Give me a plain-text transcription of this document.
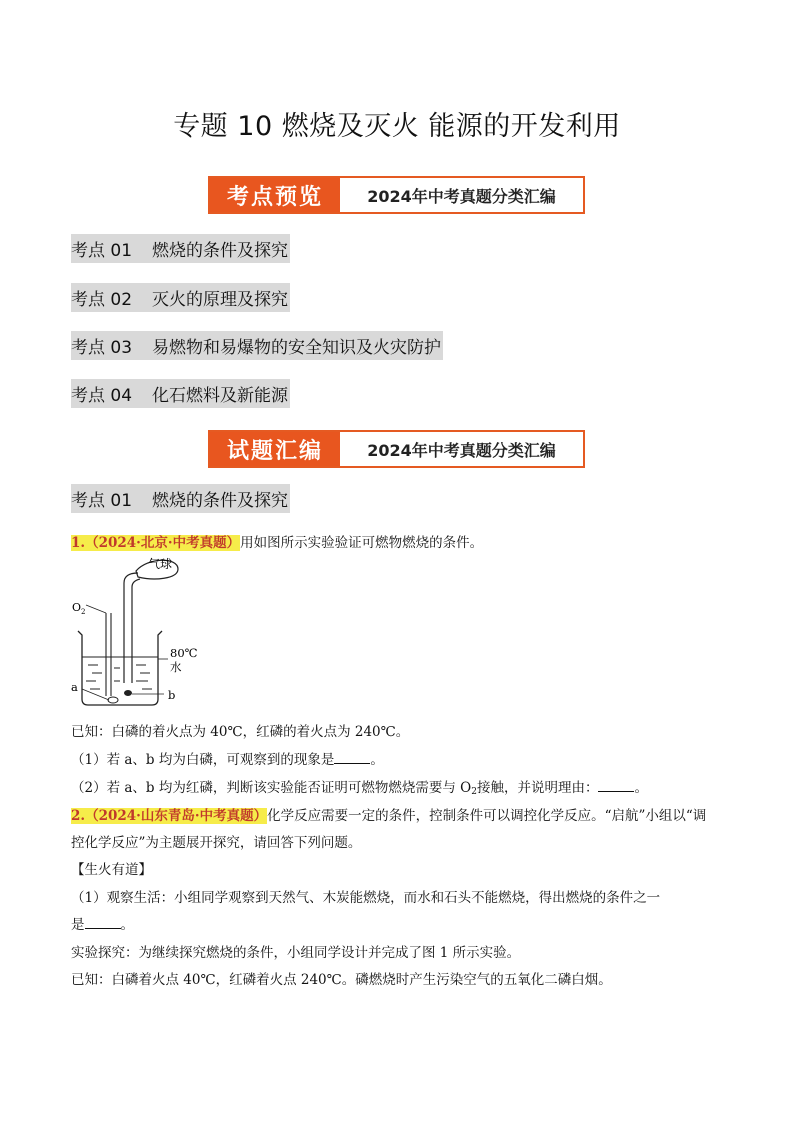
专题 10 燃烧及灭火 能源的开发利用
考点预览	2024年中考真题分类汇编
考点 01 燃烧的条件及探究
考点 02 灭火的原理及探究
考点 03 易燃物和易爆物的安全知识及火灾防护
考点 04 化石燃料及新能源
试题汇编	2024年中考真题分类汇编
考点 01 燃烧的条件及探究
1.（2024·北京·中考真题）用如图所示实验验证可燃物燃烧的条件。
气球
$O_2$
80℃
水
a
b
已知：白磷的着火点为 40℃，红磷的着火点为 240℃。
（1）若 a、b 均为白磷，可观察到的现象是	。
（2）若 a、b 均为红磷，判断该实验能否证明可燃物燃烧需要与 O2接触，并说明理由：	。
2.（2024·山东青岛·中考真题）化学反应需要一定的条件，控制条件可以调控化学反应。“启航”小组以“调
控化学反应”为主题展开探究，请回答下列问题。
【生火有道】
（1）观察生活：小组同学观察到天然气、木炭能燃烧，而水和石头不能燃烧，得出燃烧的条件之一
是	。
实验探究：为继续探究燃烧的条件，小组同学设计并完成了图 1 所示实验。
已知：白磷着火点 40℃，红磷着火点 240℃。磷燃烧时产生污染空气的五氧化二磷白烟。
